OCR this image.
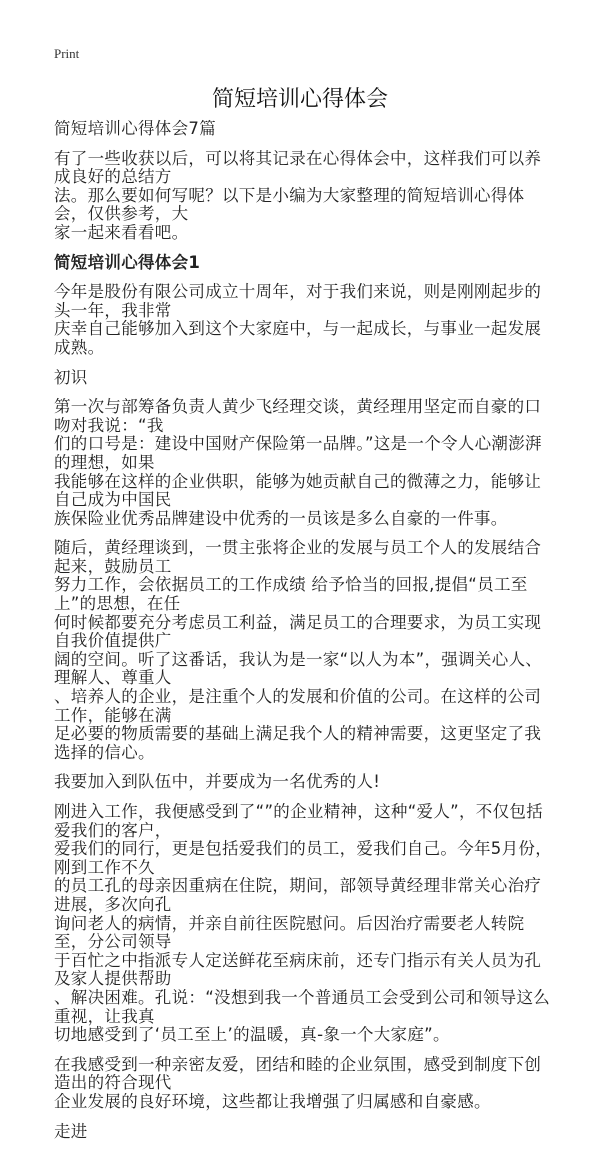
Print
简短培训心得体会

简短培训心得体会7篇

有了一些收获以后，可以将其记录在心得体会中，这样我们可以养成良好的总结方
法。那么要如何写呢？以下是小编为大家整理的简短培训心得体会，仅供参考，大
家一起来看看吧。

简短培训心得体会1

今年是股份有限公司成立十周年，对于我们来说，则是刚刚起步的头一年，我非常
庆幸自己能够加入到这个大家庭中，与一起成长，与事业一起发展成熟。

初识

第一次与部筹备负责人黄少飞经理交谈，黄经理用坚定而自豪的口吻对我说：“我
们的口号是：建设中国财产保险第一品牌。”这是一个令人心潮澎湃的理想，如果
我能够在这样的企业供职，能够为她贡献自己的微薄之力，能够让自己成为中国民
族保险业优秀品牌建设中优秀的一员该是多么自豪的一件事。

随后，黄经理谈到，一贯主张将企业的发展与员工个人的发展结合起来，鼓励员工
努力工作，会依据员工的工作成绩 给予恰当的回报,提倡“员工至上”的思想，在任
何时候都要充分考虑员工利益，满足员工的合理要求，为员工实现自我价值提供广
阔的空间。听了这番话，我认为是一家“以人为本”，强调关心人、理解人、尊重人
、培养人的企业，是注重个人的发展和价值的公司。在这样的公司工作，能够在满
足必要的物质需要的基础上满足我个人的精神需要，这更坚定了我选择的信心。

我要加入到队伍中，并要成为一名优秀的人!

刚进入工作，我便感受到了“”的企业精神，这种“爱人”，不仅包括爱我们的客户，
爱我们的同行，更是包括爱我们的员工，爱我们自己。今年5月份，刚到工作不久
的员工孔的母亲因重病在住院，期间，部领导黄经理非常关心治疗进展，多次向孔
询问老人的病情，并亲自前往医院慰问。后因治疗需要老人转院至，分公司领导
于百忙之中指派专人定送鲜花至病床前，还专门指示有关人员为孔及家人提供帮助
、解决困难。孔说：“没想到我一个普通员工会受到公司和领导这么重视，让我真
切地感受到了‘员工至上’的温暖，真-象一个大家庭”。

在我感受到一种亲密友爱，团结和睦的企业氛围，感受到制度下创造出的符合现代
企业发展的良好环境，这些都让我增强了归属感和自豪感。

走进
